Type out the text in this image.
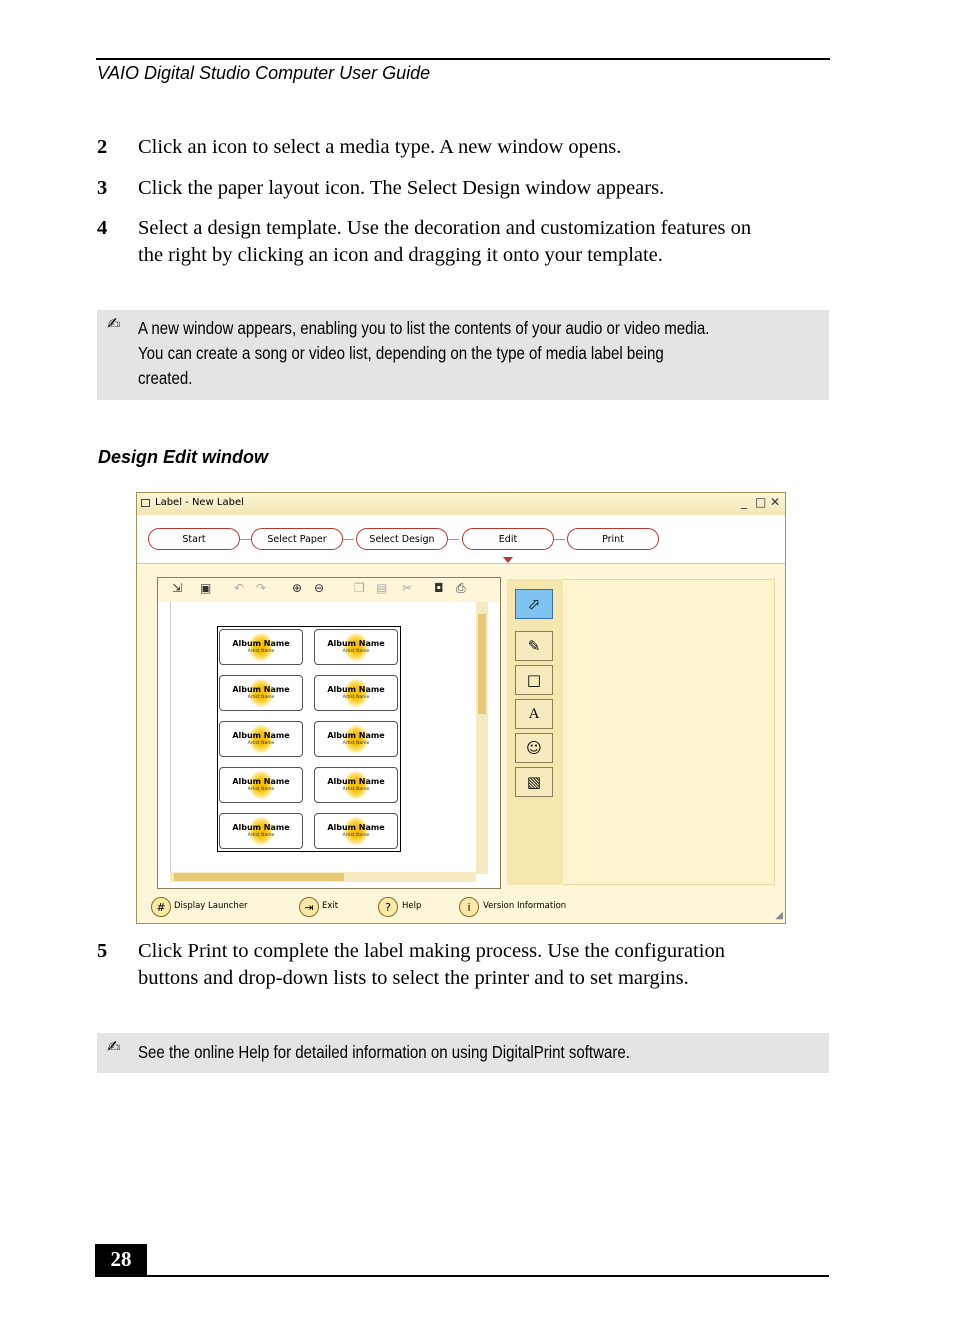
VAIO Digital Studio Computer User Guide
2 Click an icon to select a media type. A new window opens.
3 Click the paper layout icon. The Select Design window appears.
4 Select a design template. Use the decoration and customization features on
the right by clicking an icon and dragging it onto your template.
✍ A new window appears, enabling you to list the contents of your audio or video media.
You can create a song or video list, depending on the type of media label being
created.
Design Edit window
Label - New Label	_ □ ✕
Start	Select Paper	Select Design	Edit	Print
⇲ ▣ ↶ ↷ ⊕ ⊖ ❐ ▤ ✂ ◘ ⎙
Album Name
Artist Name
Album Name
Artist Name
Album Name
Artist Name
Album Name
Artist Name
Album Name
Artist Name
Album Name
Artist Name
Album Name
Artist Name
Album Name
Artist Name
Album Name
Artist Name
Album Name
Artist Name
⬀
✎
□
A
☺
▧
# Display Launcher	⇥ Exit	?	Help	i	Version Information
◢
5 Click Print to complete the label making process. Use the configuration
buttons and drop-down lists to select the printer and to set margins.
✍ See the online Help for detailed information on using DigitalPrint software.
28
